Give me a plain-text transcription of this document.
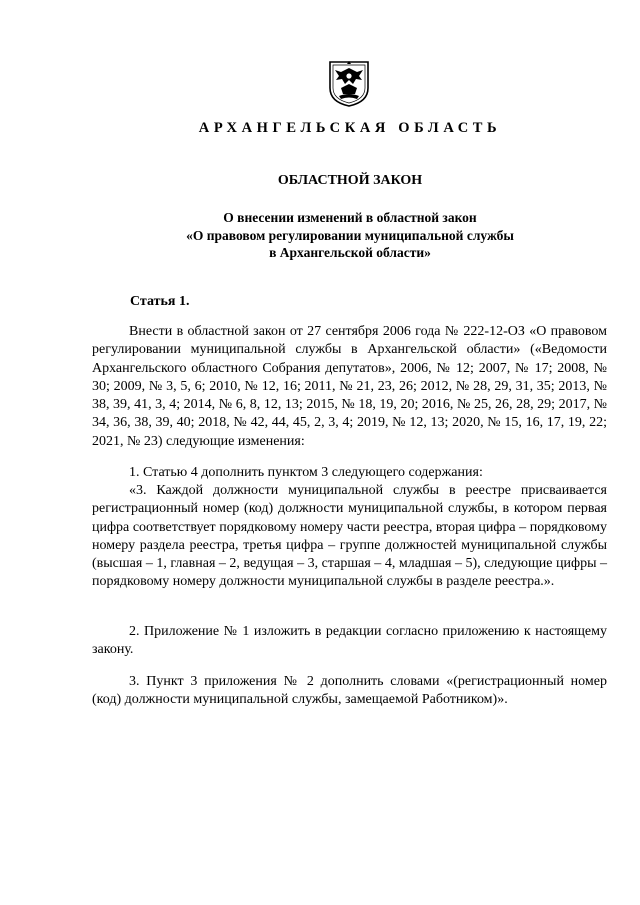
АРХАНГЕЛЬСКАЯ ОБЛАСТЬ
ОБЛАСТНОЙ ЗАКОН
О внесении изменений в областной закон
«О правовом регулировании муниципальной службы
в Архангельской области»
Статья 1.

Внести в областной закон от 27 сентября 2006 года № 222-12-ОЗ «О правовом регулировании муниципальной службы в Архангельской области» («Ведомости Архангельского областного Собрания депутатов», 2006, № 12; 2007, № 17; 2008, № 30; 2009, № 3, 5, 6; 2010, № 12, 16; 2011, № 21, 23, 26; 2012, № 28, 29, 31, 35; 2013, № 38, 39, 41, 3, 4; 2014, № 6, 8, 12, 13; 2015, № 18, 19, 20; 2016, № 25, 26, 28, 29; 2017, № 34, 36, 38, 39, 40; 2018, № 42, 44, 45, 2, 3, 4; 2019, № 12, 13; 2020, № 15, 16, 17, 19, 22; 2021, № 23) следующие изменения:

1. Статью 4 дополнить пунктом 3 следующего содержания:

«3. Каждой должности муниципальной службы в реестре присваивается регистрационный номер (код) должности муниципальной службы, в котором первая цифра соответствует порядковому номеру части реестра, вторая цифра – порядковому номеру раздела реестра, третья цифра – группе должностей муниципальной службы (высшая – 1, главная – 2, ведущая – 3, старшая – 4, младшая – 5), следующие цифры – порядковому номеру должности муниципальной службы в разделе реестра.».

2. Приложение № 1 изложить в редакции согласно приложению к настоящему закону.

3. Пункт 3 приложения № 2 дополнить словами «(регистрационный номер (код) должности муниципальной службы, замещаемой Работником)».
